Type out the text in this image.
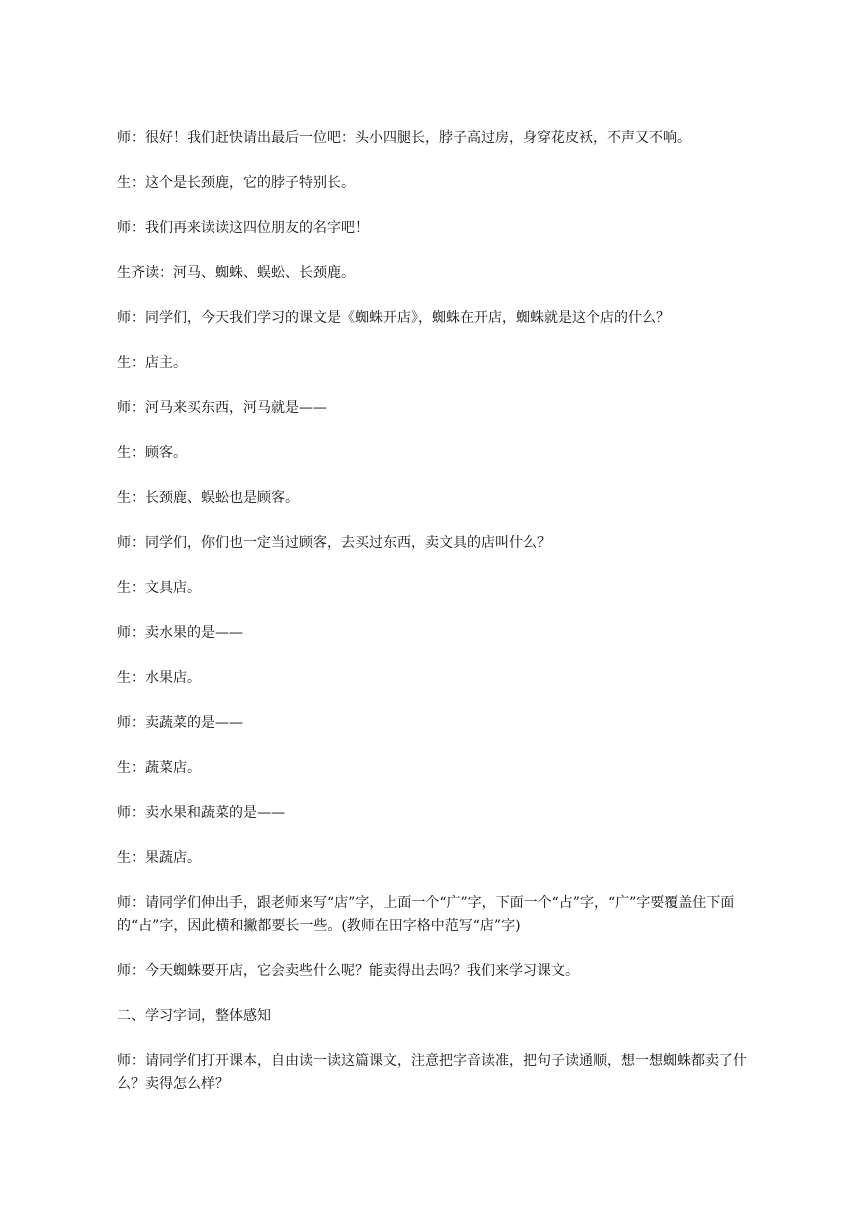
师：很好！我们赶快请出最后一位吧：头小四腿长，脖子高过房，身穿花皮袄，不声又不响。

生：这个是长颈鹿，它的脖子特别长。

师：我们再来读读这四位朋友的名字吧！

生齐读：河马、蜘蛛、蜈蚣、长颈鹿。

师：同学们，今天我们学习的课文是《蜘蛛开店》，蜘蛛在开店，蜘蛛就是这个店的什么？

生：店主。

师：河马来买东西，河马就是——

生：顾客。

生：长颈鹿、蜈蚣也是顾客。

师：同学们，你们也一定当过顾客，去买过东西，卖文具的店叫什么？

生：文具店。

师：卖水果的是——

生：水果店。

师：卖蔬菜的是——

生：蔬菜店。

师：卖水果和蔬菜的是——

生：果蔬店。

师：请同学们伸出手，跟老师来写“店”字，上面一个“广”字，下面一个“占”字，“广”字要覆盖住下面的“占”字，因此横和撇都要长一些。(教师在田字格中范写“店”字)

师：今天蜘蛛要开店，它会卖些什么呢？能卖得出去吗？我们来学习课文。

二、学习字词，整体感知

师：请同学们打开课本，自由读一读这篇课文，注意把字音读准，把句子读通顺，想一想蜘蛛都卖了什么？卖得怎么样？
